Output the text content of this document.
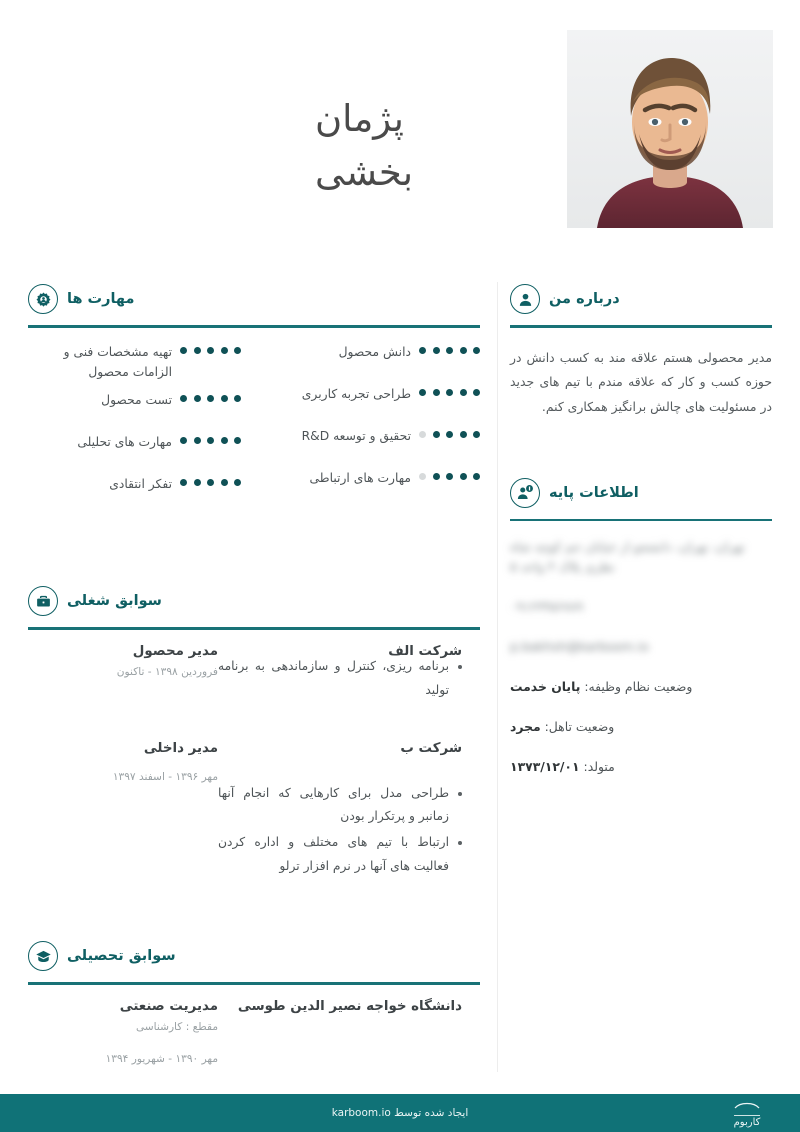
پژمان
بخشی
درباره من

مدیر محصولی هستم علاقه مند به کسب دانش در حوزه کسب و کار که علاقه مندم با تیم های جدید در مسئولیت های چالش برانگیز همکاری کنم.

اطلاعات پایه
تهران، تهران، دانشجو از خیابان جم کوچه شاه نظری پلاک ۴ واحد ۵
۰۹۱۲۳۴۵۶۷۸۹
p.bakhsh@karboom.io
وضعیت نظام وظیفه: پایان خدمت
وضعیت تاهل: مجرد
متولد: ۱۳۷۳/۱۲/۰۱
مهارت ها
دانش محصول
طراحی تجربه کاربری
تحقیق و توسعه R&D
مهارت های ارتباطی
تهیه مشخصات فنی و الزامات محصول
تست محصول
مهارت های تحلیلی
تفکر انتقادی
سوابق شغلی
مدیر محصول	شرکت الف
فروردین ۱۳۹۸ - تاکنون برنامه ریزی، کنترل و سازماندهی به برنامه تولید
مدیر داخلی	شرکت ب
مهر ۱۳۹۶ - اسفند ۱۳۹۷
طراحی مدل برای کارهایی که انجام آنها زمانبر و پرتکرار بودن
ارتباط با تیم های مختلف و اداره کردن فعالیت های آنها در نرم افزار ترلو
سوابق تحصیلی
مدیریت صنعتی	دانشگاه خواجه نصیر الدین طوسی
مقطع : کارشناسی
مهر ۱۳۹۰ - شهریور ۱۳۹۴
ایجاد شده توسط karboom.io
کاربوم
